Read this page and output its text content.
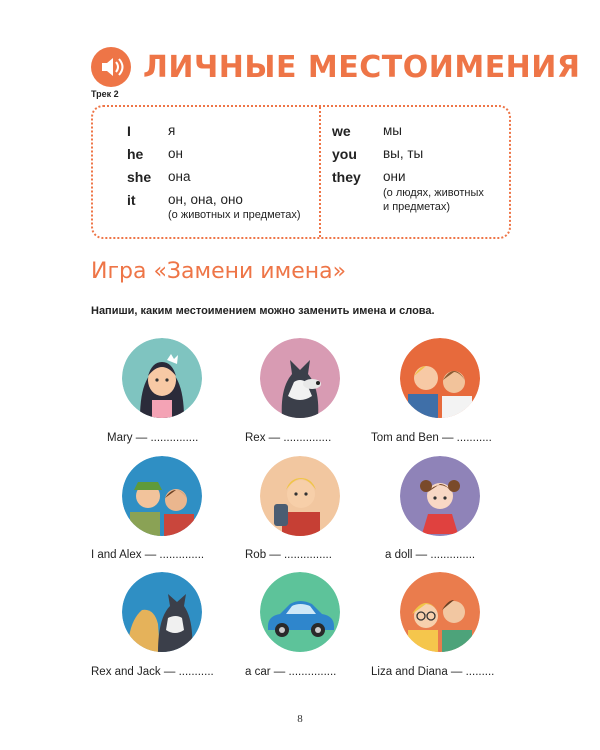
ЛИЧНЫЕ МЕСТОИМЕНИЯ
Трек 2
I	я
he он
she она
it он, она, оно
(о животных и предметах)
we мы
you вы, ты
they они
(о людях, животных
и предметах)
Игра «Замени имена»
Напиши, каким местоимением можно заменить имена и слова.
Mary — ...............	Rex — ...............	Tom and Ben — ...........
I and Alex — ..............	Rob — ...............	a doll — ..............
Rex and Jack — ...........	a car — ...............	Liza and Diana — .........
8
